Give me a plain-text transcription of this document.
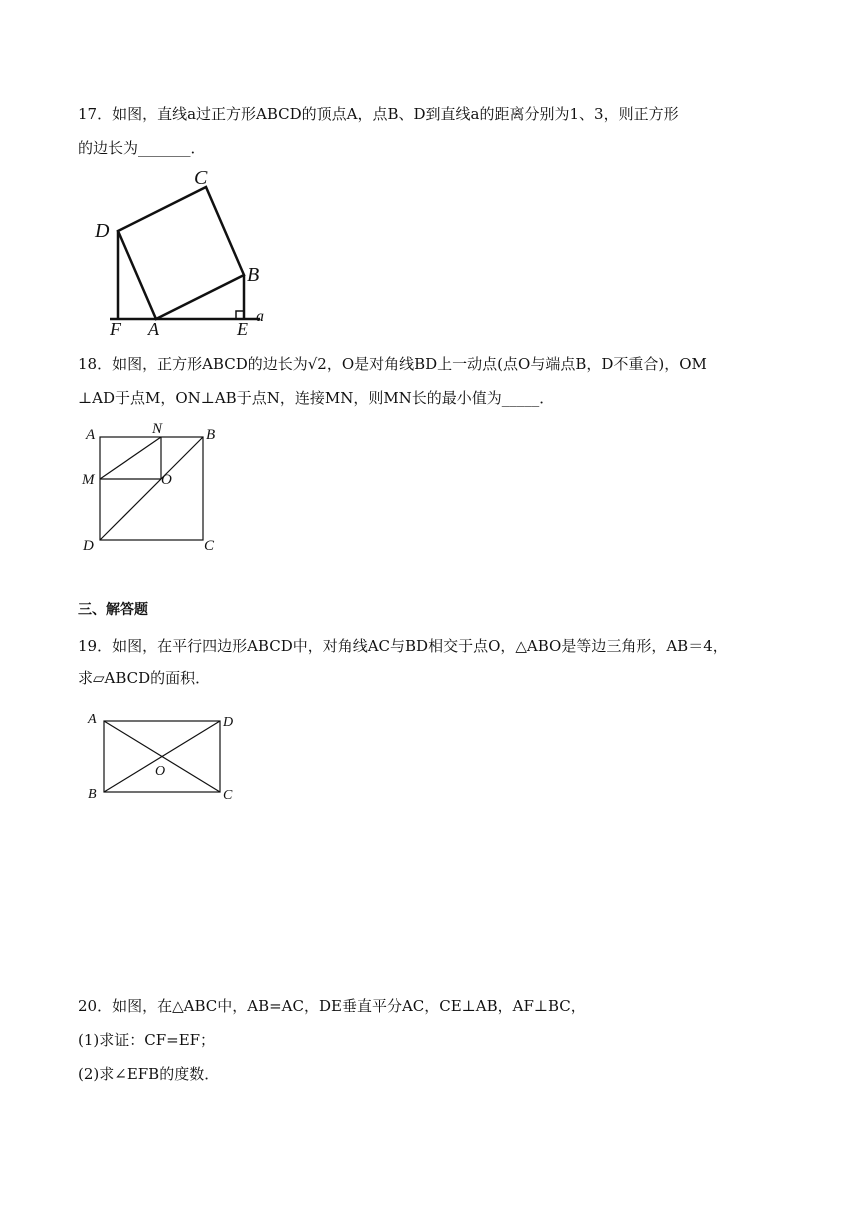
17．如图，直线a过正方形ABCD的顶点A，点B、D到直线a的距离分别为1、3，则正方形
的边长为_______．
C
D
B
F A	E
a
18．如图，正方形ABCD的边长为√2，O是对角线BD上一动点(点O与端点B，D不重合)，OM
⊥AD于点M，ON⊥AB于点N，连接MN，则MN长的最小值为_____．
A	N	B
M	O
D	C
三、解答题
19．如图，在平行四边形ABCD中，对角线AC与BD相交于点O，△ABO是等边三角形，AB＝4，
求▱ABCD的面积．
A	D
O
B	C
20．如图，在△ABC中，AB=AC，DE垂直平分AC，CE⊥AB，AF⊥BC，
(1)求证：CF=EF；
(2)求∠EFB的度数．
